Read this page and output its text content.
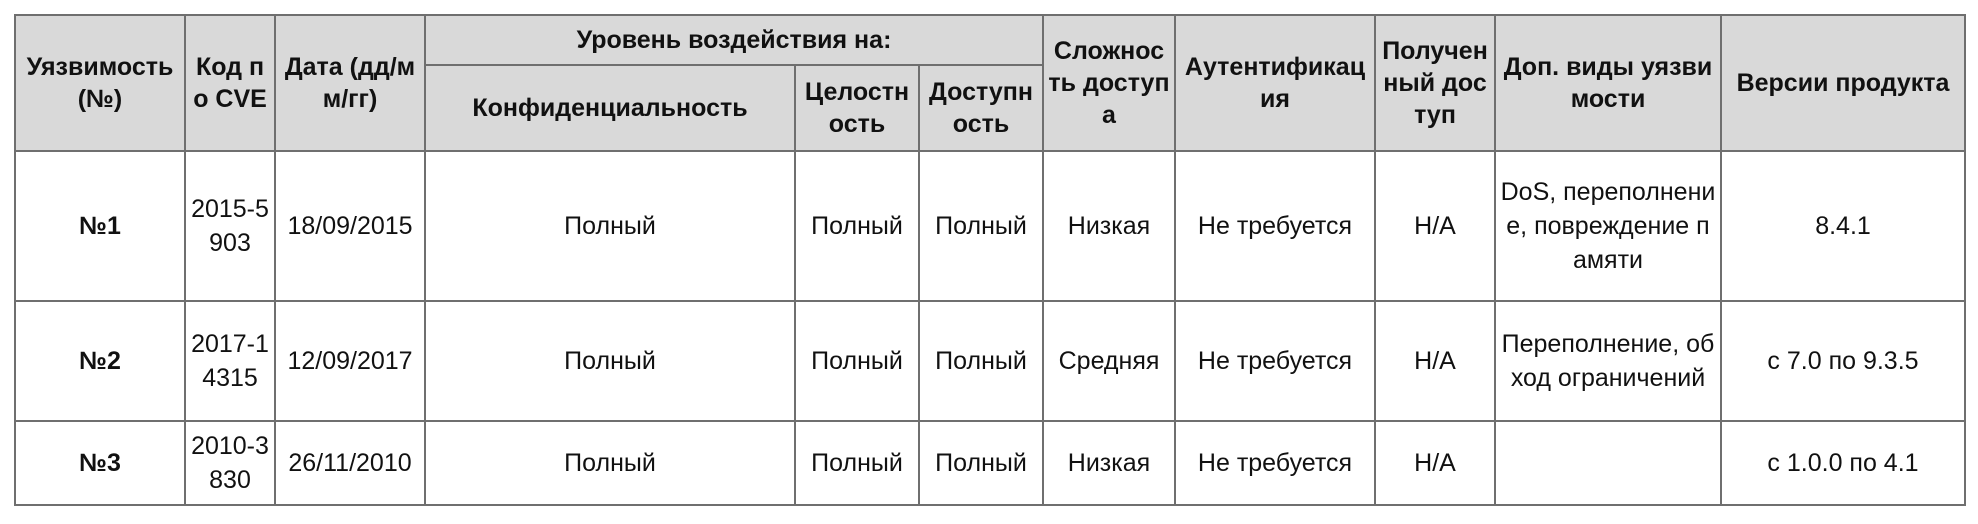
Уязвимость (№)	Код по CVE	Дата (дд/мм/гг)	Уровень воздействия на:			Сложность доступа	Аутентификация	Полученный доступ	Доп. виды уязвимости	Версии продукта
			Конфиденциальность	Целостность	Доступность					
№1	2015-5903	18/09/2015	Полный	Полный	Полный	Низкая	Не требуется	Н/А	DoS, переполнение, повреждение памяти	8.4.1
№2	2017-14315	12/09/2017	Полный	Полный	Полный	Средняя	Не требуется	Н/А	Переполнение, обход ограничений	с 7.0 по 9.3.5
№3	2010-3830	26/11/2010	Полный	Полный	Полный	Низкая	Не требуется	Н/А		с 1.0.0 по 4.1
